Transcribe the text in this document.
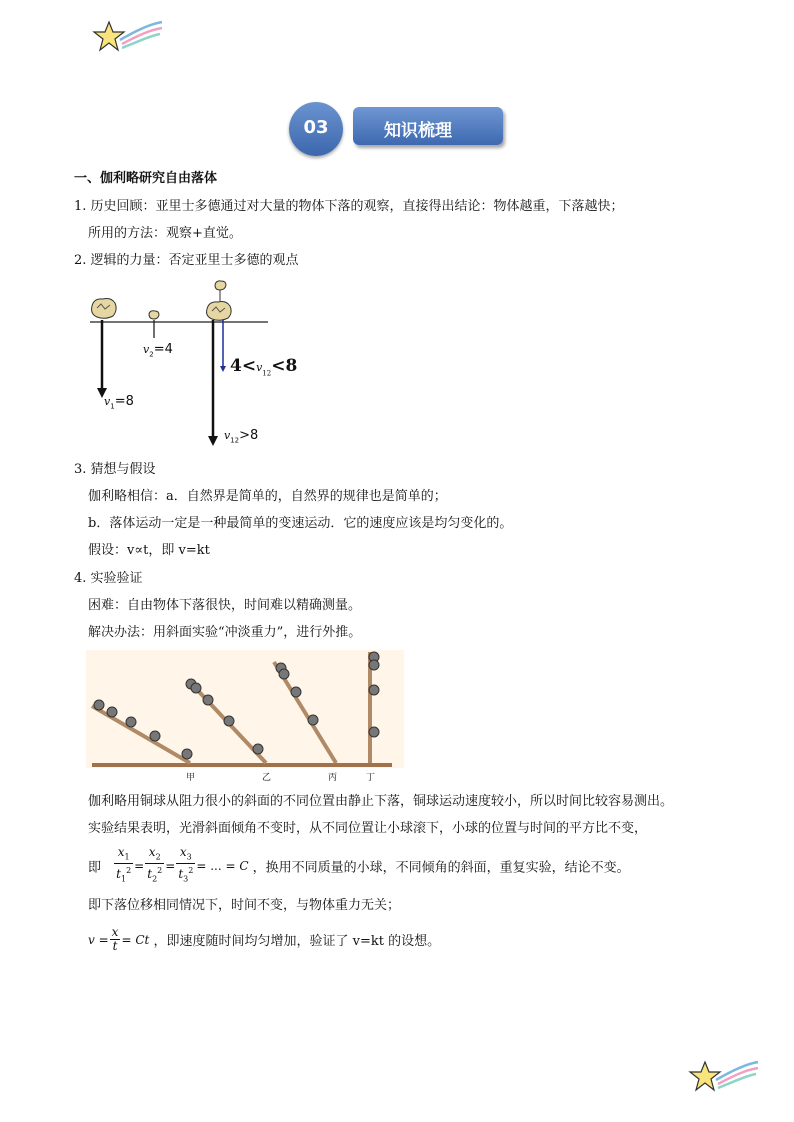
03	知识梳理
一、伽利略研究自由落体
1. 历史回顾：亚里士多德通过对大量的物体下落的观察，直接得出结论：物体越重，下落越快；
所用的方法：观察+直觉。
2. 逻辑的力量：否定亚里士多德的观点
$v_2=4$
$v_1=8$
$4<v_{12}<8$
$v_{12}>8$
3. 猜想与假设
伽利略相信：a．自然界是简单的，自然界的规律也是简单的；
b．落体运动一定是一种最简单的变速运动．它的速度应该是均匀变化的。
假设：v∝t，即 v=kt
4. 实验验证
困难：自由物体下落很快，时间难以精确测量。
解决办法：用斜面实验“冲淡重力”，进行外推。
甲	乙	丙	丁
伽利略用铜球从阻力很小的斜面的不同位置由静止下落，铜球运动速度较小，所以时间比较容易测出。
实验结果表明，光滑斜面倾角不变时，从不同位置让小球滚下，小球的位置与时间的平方比不变，
即 $\frac{x_1}{t_1^2} = \frac{x_2}{t_2^2} = \frac{x_3}{t_3^2}$ = ... = C ，换用不同质量的小球，不同倾角的斜面，重复实验，结论不变。
即下落位移相同情况下，时间不变，与物体重力无关；
$v = \frac{x}{t} = Ct$ ，即速度随时间均匀增加，验证了 v=kt 的设想。
